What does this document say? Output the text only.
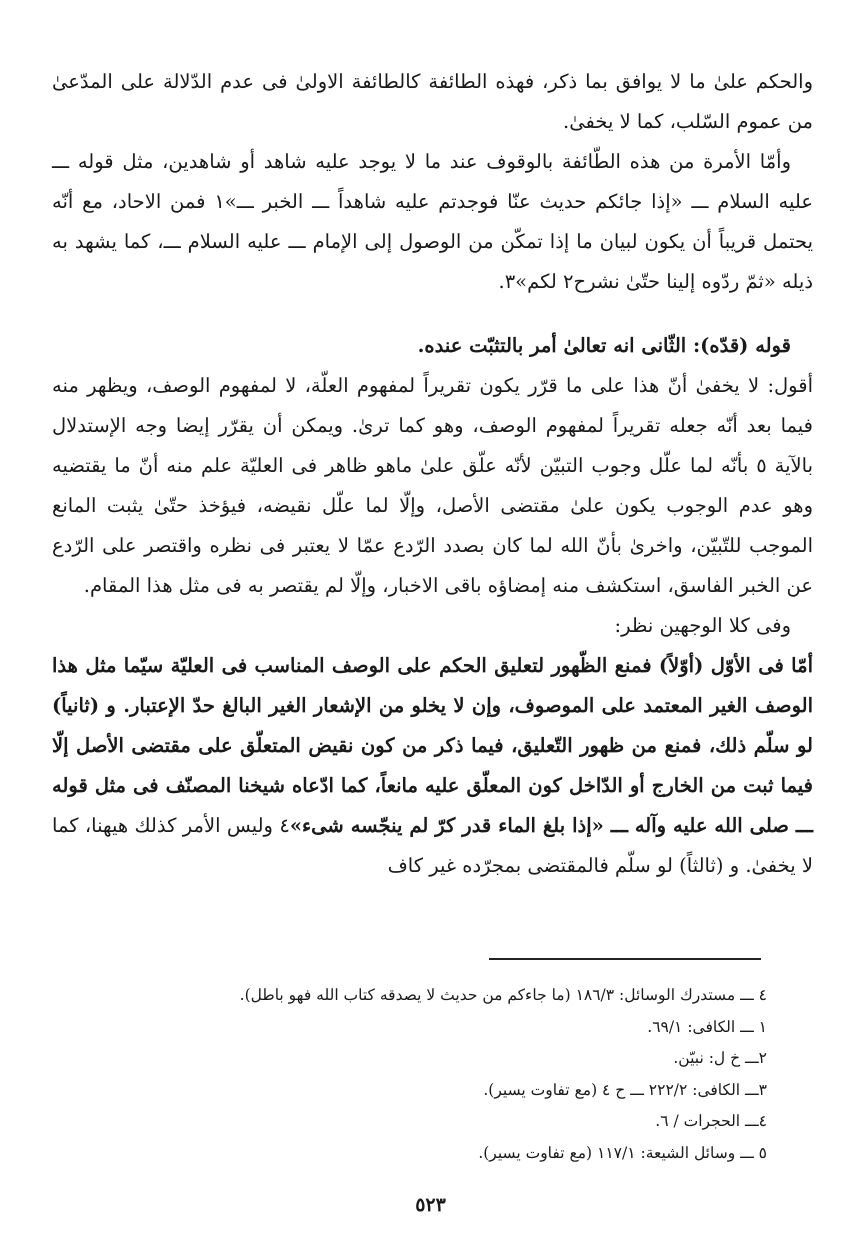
والحكم علىٰ ما لا يوافق بما ذكر، فهذه الطائفة كالطائفة الاولىٰ فى عدم الدّلالة على المدّعىٰ من عموم السّلب، كما لا يخفىٰ.

وأمّا الأمرة من هذه الطّائفة بالوقوف عند ما لا يوجد عليه شاهد أو شاهدين، مثل قوله ـــ عليه السلام ـــ «إذا جائكم حديث عنّا فوجدتم عليه شاهداً ـــ الخبر ـــ»١ فمن الاحاد، مع أنّه يحتمل قريباً أن يكون لبيان ما إذا تمكّن من الوصول إلى الإمام ـــ عليه السلام ـــ، كما يشهد به ذيله «ثمّ ردّوه إلينا حتّىٰ نشرح٢ لكم»٣.

قوله (قدّه): الثّانى انه تعالىٰ أمر بالتثبّت عنده.

أقول: لا يخفىٰ أنّ هذا على ما قرّر يكون تقريراً لمفهوم العلّة، لا لمفهوم الوصف، ويظهر منه فيما بعد أنّه جعله تقريراً لمفهوم الوصف، وهو كما ترىٰ. ويمكن أن يقرّر إيضا وجه الإستدلال بالآية ٥ بأنّه لما علّل وجوب التبيّن لأنّه علّق علىٰ ماهو ظاهر فى العليّة علم منه أنّ ما يقتضيه وهو عدم الوجوب يكون علىٰ مقتضى الأصل، وإلّا لما علّل نقيضه، فيؤخذ حتّىٰ يثبت المانع الموجب للتّبيّن، واخرىٰ بأنّ الله لما كان بصدد الرّدع عمّا لا يعتبر فى نظره واقتصر على الرّدع عن الخبر الفاسق، استكشف منه إمضاؤه باقى الاخبار، وإلّا لم يقتصر به فى مثل هذا المقام.

وفى كلا الوجهين نظر:

أمّا فى الأوّل (أوّلاً) فمنع الظّهور لتعليق الحكم على الوصف المناسب فى العليّة سيّما مثل هذا الوصف الغير المعتمد على الموصوف، وإن لا يخلو من الإشعار الغير البالغ حدّ الإعتبار. و (ثانياً) لو سلّم ذلك، فمنع من ظهور التّعليق، فيما ذكر من كون نقيض المتعلّق على مقتضى الأصل إلّا فيما ثبت من الخارج أو الدّاخل كون المعلّق عليه مانعاً، كما ادّعاه شيخنا المصنّف فى مثل قوله ـــ صلى الله عليه وآله ـــ «إذا بلغ الماء قدر كرّ لم ينجّسه شىء»٤ وليس الأمر كذلك هيهنا، كما لا يخفىٰ. و (ثالثاً) لو سلّم فالمقتضى بمجرّده غير كاف

٤ ـــ مستدرك الوسائل: ١٨٦/٣ (ما جاءكم من حديث لا يصدقه كتاب الله فهو باطل).
١ ـــ الكافى: ٦٩/١.
٢ـــ خ ل: نبيّن.
٣ـــ الكافى: ٢٢٢/٢ ـــ ح ٤ (مع تفاوت يسير).
٤ـــ الحجرات / ٦.
٥ ـــ وسائل الشيعة: ١١٧/١ (مع تفاوت يسير).
٥٢٣
